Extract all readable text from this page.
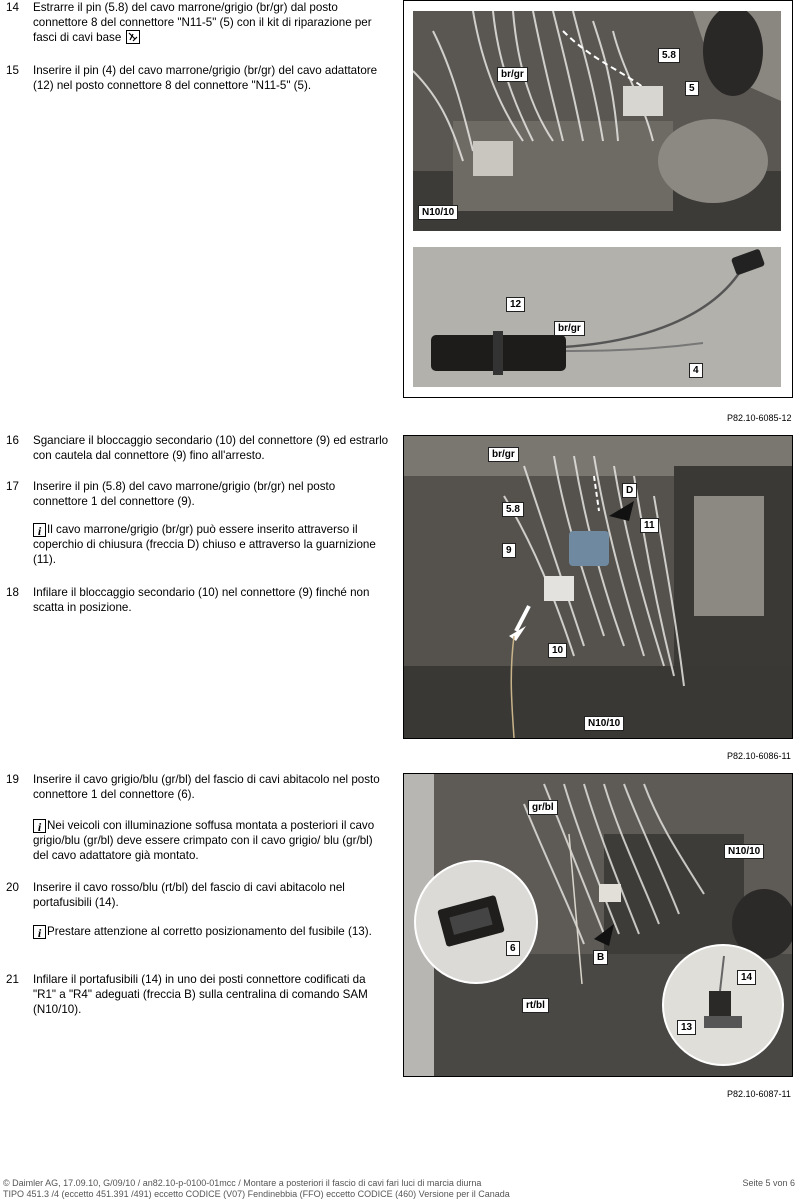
14	Estrarre il pin (5.8) del cavo marrone/grigio (br/gr) dal posto connettore 8 del connettore "N11-5" (5) con il kit di riparazione per fasci di cavi base
15	Inserire il pin (4) del cavo marrone/grigio (br/gr) del cavo adattatore (12) nel posto connettore 8 del connettore "N11-5" (5).
br/gr
5.8
5
N10/10
12
br/gr
4
P82.10-6085-12
16	Sganciare il bloccaggio secondario (10) del connettore (9) ed estrarlo con cautela dal connettore (9) fino all'arresto.
17	Inserire il pin (5.8) del cavo marrone/grigio (br/gr) nel posto connettore 1 del connettore (9).
i Il cavo marrone/grigio (br/gr) può essere inserito attraverso il coperchio di chiusura (freccia D) chiuso e attraverso la guarnizione (11).
18	Infilare il bloccaggio secondario (10) nel connettore (9) finché non scatta in posizione.
br/gr
D
5.8
11
9
10
N10/10
P82.10-6086-11
19	Inserire il cavo grigio/blu (gr/bl) del fascio di cavi abitacolo nel posto connettore 1 del connettore (6).
i Nei veicoli con illuminazione soffusa montata a posteriori il cavo grigio/blu (gr/bl) deve essere crimpato con il cavo grigio/ blu (gr/bl) del cavo adattatore già montato.
20	Inserire il cavo rosso/blu (rt/bl) del fascio di cavi abitacolo nel portafusibili (14).
i Prestare attenzione al corretto posizionamento del fusibile (13).
21	Infilare il portafusibili (14) in uno dei posti connettore codificati da "R1" a "R4" adeguati (freccia B) sulla centralina di comando SAM (N10/10).
gr/bl
N10/10
6
B
rt/bl
14
13
P82.10-6087-11
© Daimler AG, 17.09.10, G/09/10 / an82.10-p-0100-01mcc / Montare a posteriori il fascio di cavi fari luci di marcia diurna	Seite 5 von 6
TIPO 451.3 /4 (eccetto 451.391 /491) eccetto CODICE (V07) Fendinebbia (FFO) eccetto CODICE (460) Versione per il Canada
